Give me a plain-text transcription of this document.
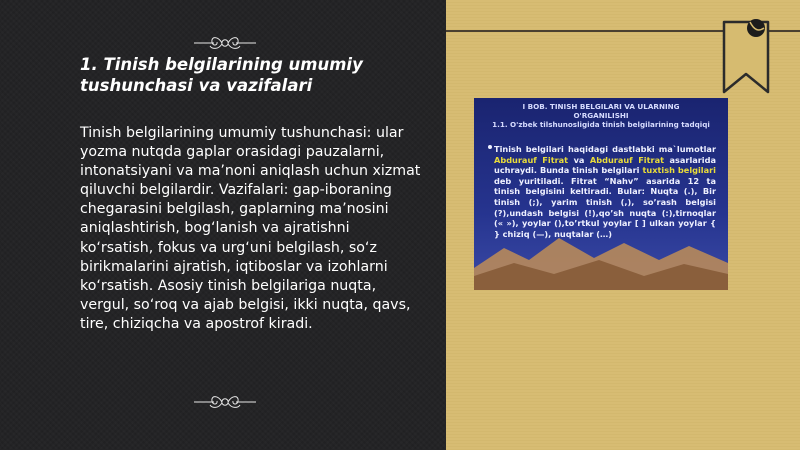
1. Tinish belgilarining umumiy tushunchasi va vazifalari

Tinish belgilarining umumiy tushunchasi: ular yozma nutqda gaplar orasidagi pauzalarni, intonatsiyani va ma’noni aniqlash uchun xizmat qiluvchi belgilardir. Vazifalari: gap-iboraning chegarasini belgilash, gaplarning ma’nosini aniqlashtirish, bog‘lanish va ajratishni ko‘rsatish, fokus va urg‘uni belgilash, so‘z birikmalarini ajratish, iqtiboslar va izohlarni ko‘rsatish. Asosiy tinish belgilariga nuqta, vergul, so‘roq va ajab belgisi, ikki nuqta, qavs, tire, chiziqcha va apostrof kiradi.

I BOB. TINISH BELGILARI VA ULARNING
O'RGANILISHI
1.1. O'zbek tilshunosligida tinish belgilarining tadqiqi
Tinish belgilari haqidagi dastlabki ma`lumotlar Abdurauf Fitrat va Abdurauf Fitrat asarlarida uchraydi. Bunda tinish belgilari tuxtish belgilari deb yuritiladi. Fitrat “Nahv” asarida 12 ta tinish belgisini keltiradi. Bular: Nuqta (.), Bir tinish (;), yarim tinish (,), so’rash belgisi (?),undash belgisi (!),qo’sh nuqta (:),tirnoqlar (« »), yoylar (),to’rtkul yoylar [ ] ulkan yoylar { } chiziq (—), nuqtalar (…)
